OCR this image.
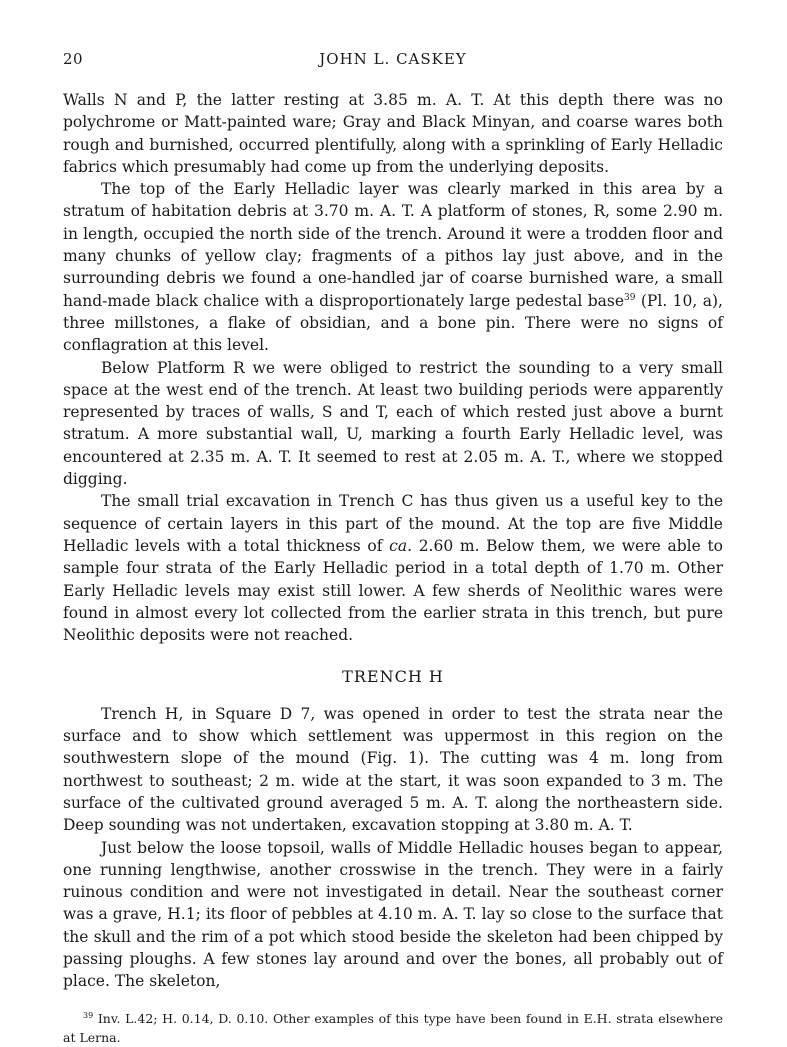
20	JOHN L. CASKEY

Walls N and P, the latter resting at 3.85 m. A. T. At this depth there was no polychrome or Matt-painted ware; Gray and Black Minyan, and coarse wares both rough and burnished, occurred plentifully, along with a sprinkling of Early Helladic fabrics which presumably had come up from the underlying deposits.

The top of the Early Helladic layer was clearly marked in this area by a stratum of habitation debris at 3.70 m. A. T. A platform of stones, R, some 2.90 m. in length, occupied the north side of the trench. Around it were a trodden floor and many chunks of yellow clay; fragments of a pithos lay just above, and in the surrounding debris we found a one-handled jar of coarse burnished ware, a small hand-made black chalice with a disproportionately large pedestal base$^{39}$ (Pl. 10, a), three millstones, a flake of obsidian, and a bone pin. There were no signs of conflagration at this level.

Below Platform R we were obliged to restrict the sounding to a very small space at the west end of the trench. At least two building periods were apparently represented by traces of walls, S and T, each of which rested just above a burnt stratum. A more substantial wall, U, marking a fourth Early Helladic level, was encountered at 2.35 m. A. T. It seemed to rest at 2.05 m. A. T., where we stopped digging.

The small trial excavation in Trench C has thus given us a useful key to the sequence of certain layers in this part of the mound. At the top are five Middle Helladic levels with a total thickness of ca. 2.60 m. Below them, we were able to sample four strata of the Early Helladic period in a total depth of 1.70 m. Other Early Helladic levels may exist still lower. A few sherds of Neolithic wares were found in almost every lot collected from the earlier strata in this trench, but pure Neolithic deposits were not reached.

TRENCH H

Trench H, in Square D 7, was opened in order to test the strata near the surface and to show which settlement was uppermost in this region on the southwestern slope of the mound (Fig. 1). The cutting was 4 m. long from northwest to southeast; 2 m. wide at the start, it was soon expanded to 3 m. The surface of the cultivated ground averaged 5 m. A. T. along the northeastern side. Deep sounding was not undertaken, excavation stopping at 3.80 m. A. T.

Just below the loose topsoil, walls of Middle Helladic houses began to appear, one running lengthwise, another crosswise in the trench. They were in a fairly ruinous condition and were not investigated in detail. Near the southeast corner was a grave, H.1; its floor of pebbles at 4.10 m. A. T. lay so close to the surface that the skull and the rim of a pot which stood beside the skeleton had been chipped by passing ploughs. A few stones lay around and over the bones, all probably out of place. The skeleton,

$^{39}$ Inv. L.42; H. 0.14, D. 0.10. Other examples of this type have been found in E.H. strata elsewhere at Lerna.
